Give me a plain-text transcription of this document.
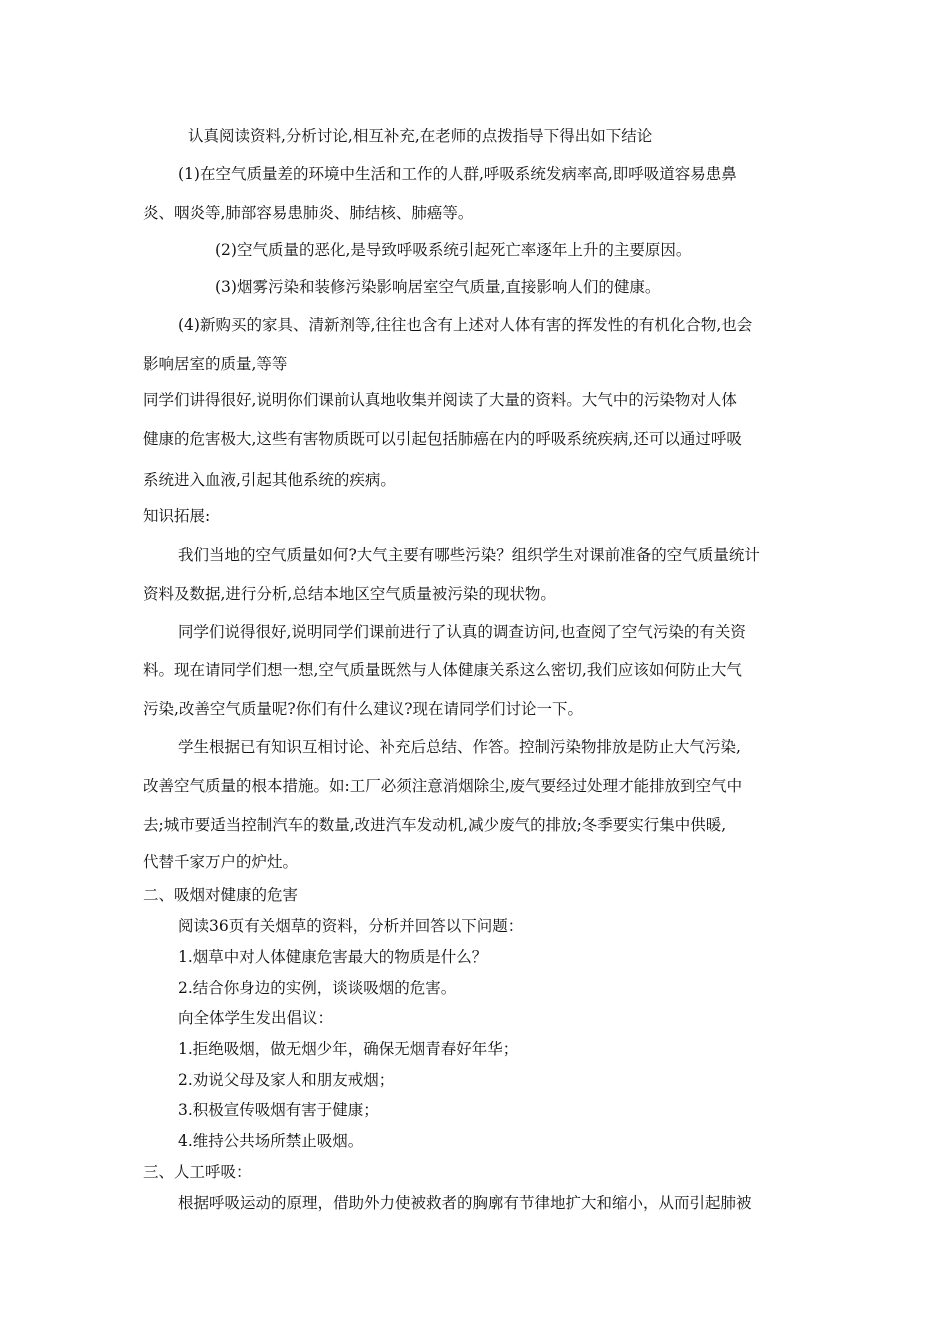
认真阅读资料,分析讨论,相互补充,在老师的点拨指导下得出如下结论

(1)在空气质量差的环境中生活和工作的人群,呼吸系统发病率高,即呼吸道容易患鼻

炎、咽炎等,肺部容易患肺炎、肺结核、肺癌等。

(2)空气质量的恶化,是导致呼吸系统引起死亡率逐年上升的主要原因。

(3)烟雾污染和装修污染影响居室空气质量,直接影响人们的健康。

(4)新购买的家具、清新剂等,往往也含有上述对人体有害的挥发性的有机化合物,也会

影响居室的质量,等等

同学们讲得很好,说明你们课前认真地收集并阅读了大量的资料。大气中的污染物对人体

健康的危害极大,这些有害物质既可以引起包括肺癌在内的呼吸系统疾病,还可以通过呼吸

系统进入血液,引起其他系统的疾病。

知识拓展:

我们当地的空气质量如何?大气主要有哪些污染？组织学生对课前准备的空气质量统计

资料及数据,进行分析,总结本地区空气质量被污染的现状物。

同学们说得很好,说明同学们课前进行了认真的调查访问,也查阅了空气污染的有关资

料。现在请同学们想一想,空气质量既然与人体健康关系这么密切,我们应该如何防止大气

污染,改善空气质量呢?你们有什么建议?现在请同学们讨论一下。

学生根据已有知识互相讨论、补充后总结、作答。控制污染物排放是防止大气污染,

改善空气质量的根本措施。如:工厂必须注意消烟除尘,废气要经过处理才能排放到空气中

去;城市要适当控制汽车的数量,改进汽车发动机,减少废气的排放;冬季要实行集中供暖,

代替千家万户的炉灶。

二、吸烟对健康的危害

阅读36页有关烟草的资料，分析并回答以下问题：

1.烟草中对人体健康危害最大的物质是什么？

2.结合你身边的实例，谈谈吸烟的危害。

向全体学生发出倡议：

1.拒绝吸烟，做无烟少年，确保无烟青春好年华；

2.劝说父母及家人和朋友戒烟；

3.积极宣传吸烟有害于健康；

4.维持公共场所禁止吸烟。

三、人工呼吸：

根据呼吸运动的原理，借助外力使被救者的胸廓有节律地扩大和缩小，从而引起肺被
